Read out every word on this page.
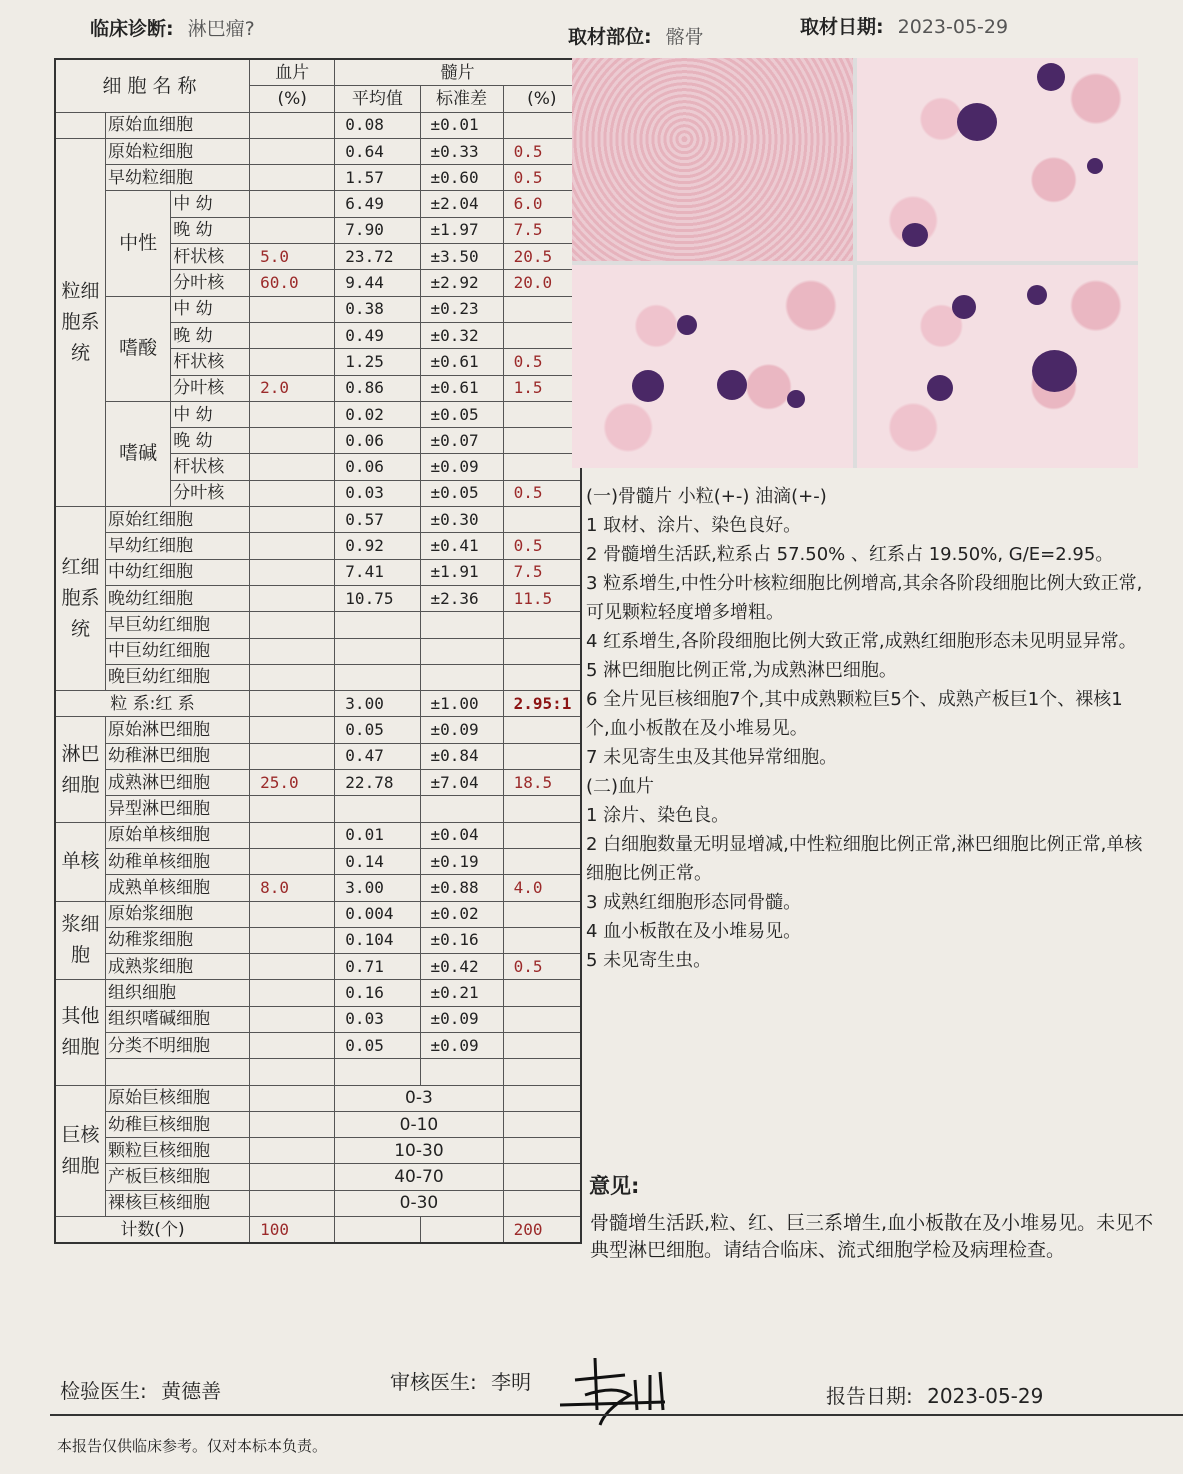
临床诊断: 淋巴瘤?	取材部位: 髂骨	取材日期: 2023-05-29
细胞名称			血片	髓片		
			(%)	平均值	标准差	(%)
	原始血细胞			0.08	±0.01	
粒细胞系统	原始粒细胞			0.64	±0.33	0.5
	早幼粒细胞			1.57	±0.60	0.5
	中性	中 幼		6.49	±2.04	6.0
		晚 幼		7.90	±1.97	7.5
		杆状核	5.0	23.72	±3.50	20.5
		分叶核	60.0	9.44	±2.92	20.0
	嗜酸	中 幼		0.38	±0.23	
		晚 幼		0.49	±0.32	
		杆状核		1.25	±0.61	0.5
		分叶核	2.0	0.86	±0.61	1.5
	嗜碱	中 幼		0.02	±0.05	
		晚 幼		0.06	±0.07	
		杆状核		0.06	±0.09	
		分叶核		0.03	±0.05	0.5
红细胞系统	原始红细胞			0.57	±0.30	
	早幼红细胞			0.92	±0.41	0.5
	中幼红细胞			7.41	±1.91	7.5
	晚幼红细胞			10.75	±2.36	11.5
	早巨幼红细胞					
	中巨幼红细胞					
	晚巨幼红细胞					
粒 系:红 系				3.00	±1.00	2.95:1
淋巴细胞	原始淋巴细胞			0.05	±0.09	
	幼稚淋巴细胞			0.47	±0.84	
	成熟淋巴细胞		25.0	22.78	±7.04	18.5
	异型淋巴细胞					
单核	原始单核细胞			0.01	±0.04	
	幼稚单核细胞			0.14	±0.19	
	成熟单核细胞		8.0	3.00	±0.88	4.0
浆细胞	原始浆细胞			0.004	±0.02	
	幼稚浆细胞			0.104	±0.16	
	成熟浆细胞			0.71	±0.42	0.5
其他细胞	组织细胞			0.16	±0.21	
	组织嗜碱细胞			0.03	±0.09	
	分类不明细胞			0.05	±0.09	

巨核细胞	原始巨核细胞			0-3		
	幼稚巨核细胞			0-10		
	颗粒巨核细胞			10-30		
	产板巨核细胞			40-70		
	裸核巨核细胞			0-30		
计数(个)			100			200
(一)骨髓片 小粒(+-) 油滴(+-)
1 取材、涂片、染色良好。
2 骨髓增生活跃,粒系占 57.50% 、红系占 19.50%, G/E=2.95。
3 粒系增生,中性分叶核粒细胞比例增高,其余各阶段细胞比例大致正常,可见颗粒轻度增多增粗。
4 红系增生,各阶段细胞比例大致正常,成熟红细胞形态未见明显异常。
5 淋巴细胞比例正常,为成熟淋巴细胞。
6 全片见巨核细胞7个,其中成熟颗粒巨5个、成熟产板巨1个、裸核1个,血小板散在及小堆易见。
7 未见寄生虫及其他异常细胞。
(二)血片
1 涂片、染色良。
2 白细胞数量无明显增减,中性粒细胞比例正常,淋巴细胞比例正常,单核细胞比例正常。
3 成熟红细胞形态同骨髓。
4 血小板散在及小堆易见。
5 未见寄生虫。
意见:
骨髓增生活跃,粒、红、巨三系增生,血小板散在及小堆易见。未见不典型淋巴细胞。请结合临床、流式细胞学检及病理检查。
检验医生: 黄德善	审核医生: 李明
报告日期: 2023-05-29
本报告仅供临床参考。仅对本标本负责。
